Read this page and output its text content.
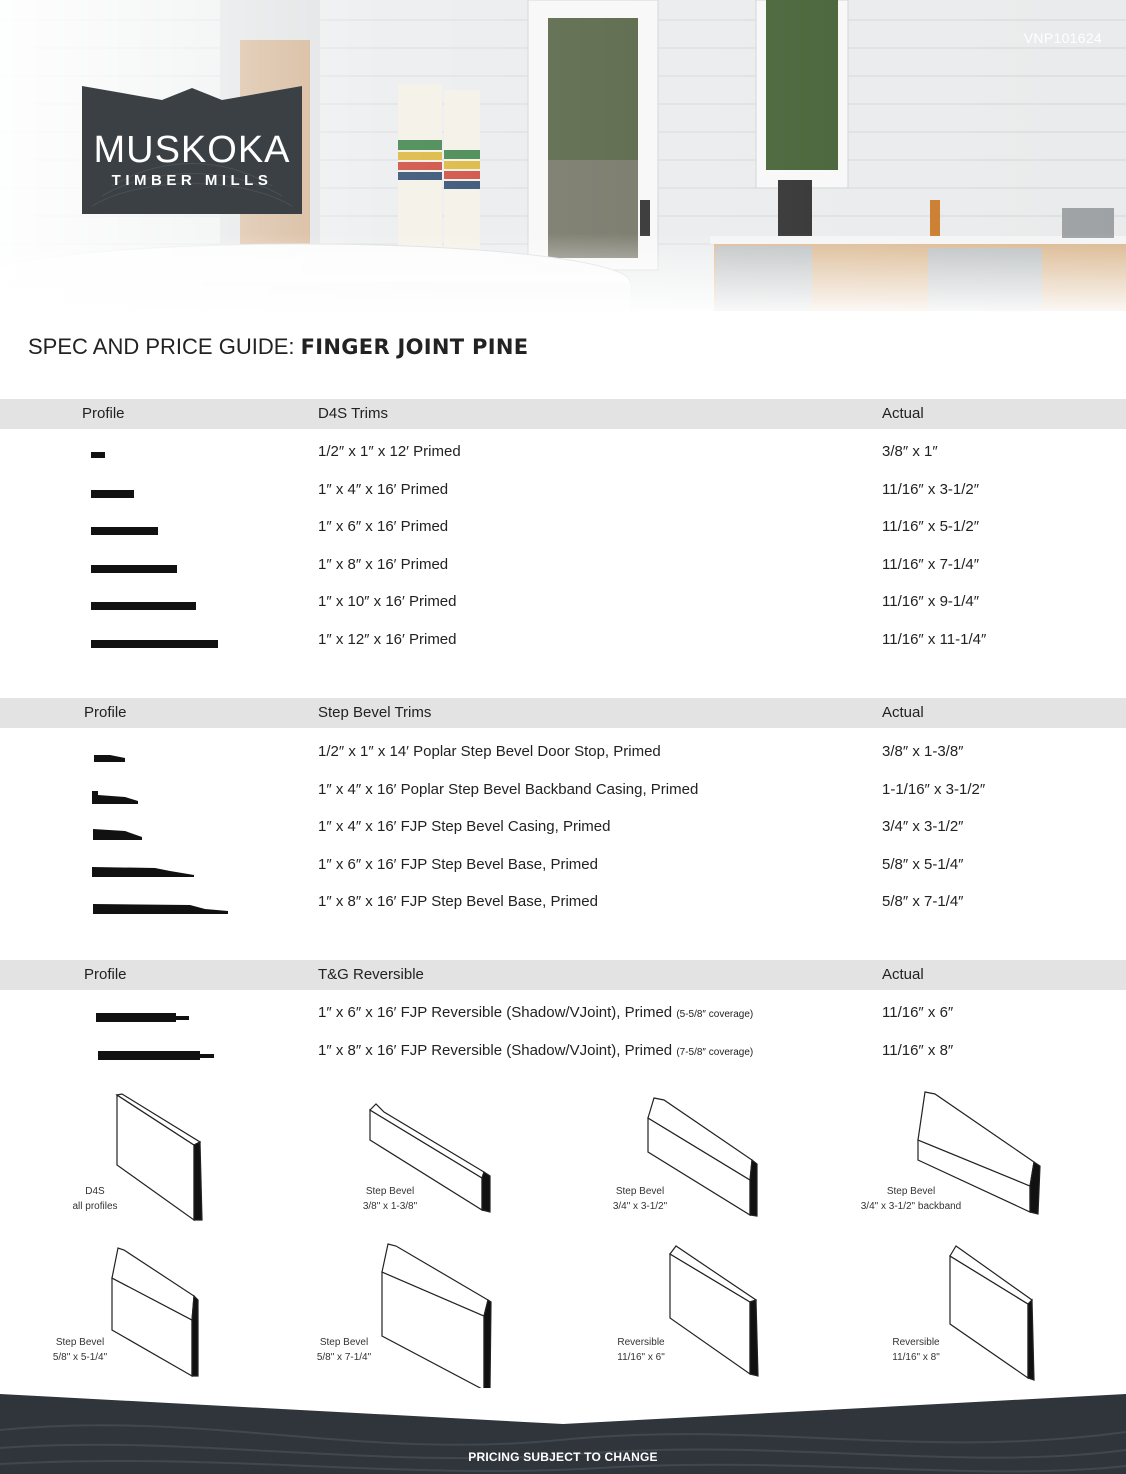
VNP101624
MUSKOKA
TIMBER MILLS
SPEC AND PRICE GUIDE: FINGER JOINT PINE
Profile	D4S Trims	Actual
1/2″ x 1″ x 12′ Primed	3/8″ x 1″
1″ x 4″ x 16′ Primed	11/16″ x 3-1/2″
1″ x 6″ x 16′ Primed	11/16″ x 5-1/2″
1″ x 8″ x 16′ Primed	11/16″ x 7-1/4″
1″ x 10″ x 16′ Primed	11/16″ x 9-1/4″
1″ x 12″ x 16′ Primed	11/16″ x 11-1/4″
Profile	Step Bevel Trims	Actual
1/2″ x 1″ x 14′ Poplar Step Bevel Door Stop, Primed	3/8″ x 1-3/8″
1″ x 4″ x 16′ Poplar Step Bevel Backband Casing, Primed	1-1/16″ x 3-1/2″
1″ x 4″ x 16′ FJP Step Bevel Casing, Primed	3/4″ x 3-1/2″
1″ x 6″ x 16′ FJP Step Bevel Base, Primed	5/8″ x 5-1/4″
1″ x 8″ x 16′ FJP Step Bevel Base, Primed	5/8″ x 7-1/4″
Profile	T&G Reversible	Actual
1″ x 6″ x 16′ FJP Reversible (Shadow/VJoint), Primed (5-5/8″ coverage)	11/16″ x 6″
1″ x 8″ x 16′ FJP Reversible (Shadow/VJoint), Primed (7-5/8″ coverage)	11/16″ x 8″
D4S
all profiles
Step Bevel
3/8" x 1-3/8"
Step Bevel
3/4" x 3-1/2"
Step Bevel
3/4" x 3-1/2" backband
Step Bevel
5/8" x 5-1/4"
Step Bevel
5/8" x 7-1/4"
Reversible
11/16" x 6"
Reversible
11/16" x 8"
PRICING SUBJECT TO CHANGE
